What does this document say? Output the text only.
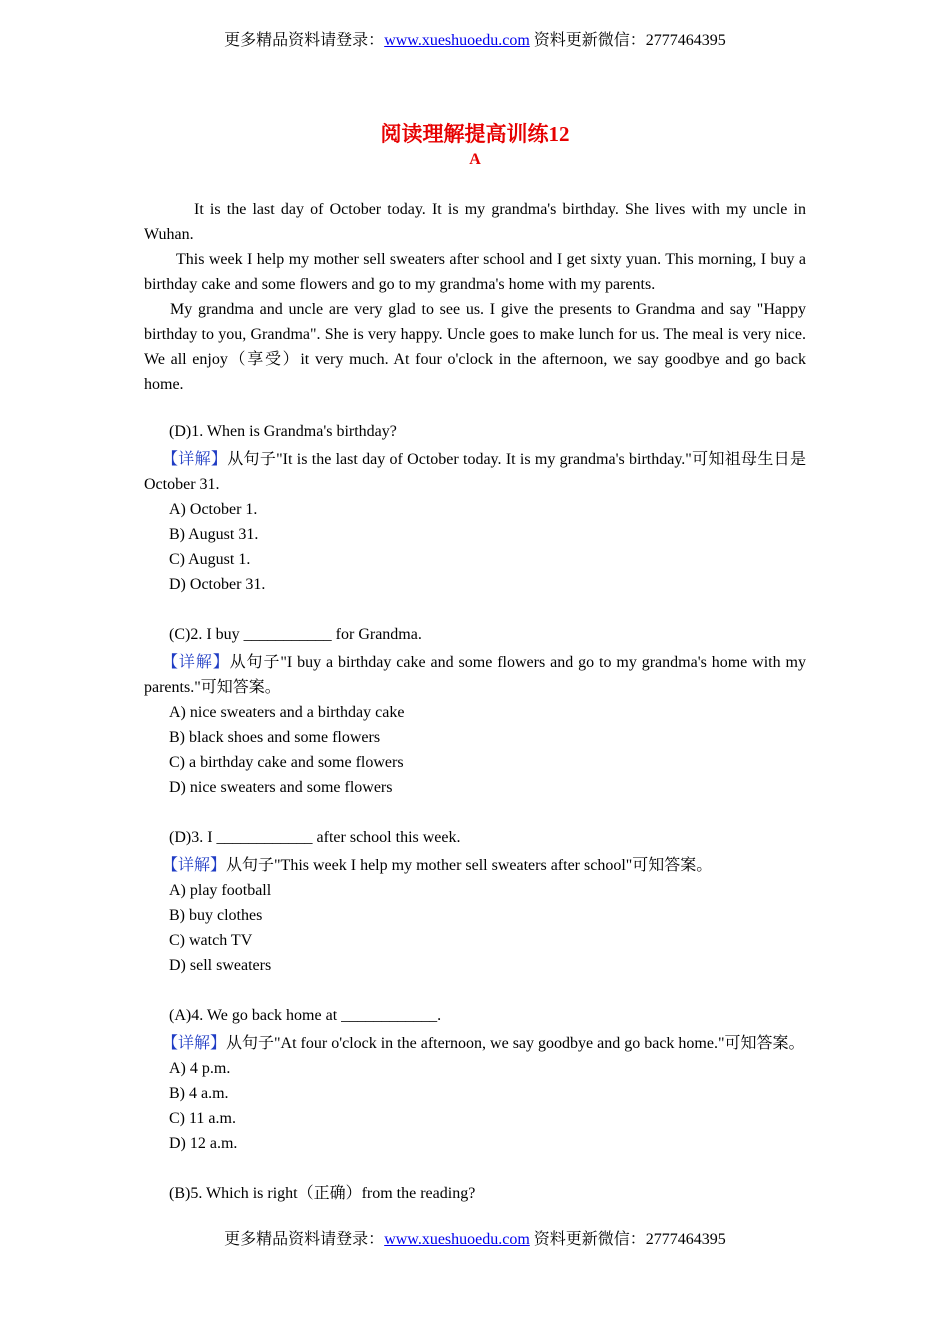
更多精品资料请登录：www.xueshuoedu.com 资料更新微信：2777464395
阅读理解提高训练12
A

It is the last day of October today. It is my grandma's birthday. She lives with my uncle in Wuhan.

This week I help my mother sell sweaters after school and I get sixty yuan. This morning, I buy a birthday cake and some flowers and go to my grandma's home with my parents.

My grandma and uncle are very glad to see us. I give the presents to Grandma and say "Happy birthday to you, Grandma". She is very happy. Uncle goes to make lunch for us. The meal is very nice. We all enjoy（享受）it very much. At four o'clock in the afternoon, we say goodbye and go back home.

(D)1. When is Grandma's birthday?

【详解】从句子"It is the last day of October today. It is my grandma's birthday."可知祖母生日是 October 31.

A) October 1.

B) August 31.

C) August 1.

D) October 31.

(C)2. I buy ___________ for Grandma.

【详解】从句子"I buy a birthday cake and some flowers and go to my grandma's home with my parents."可知答案。

A) nice sweaters and a birthday cake

B) black shoes and some flowers

C) a birthday cake and some flowers

D) nice sweaters and some flowers

(D)3. I ____________ after school this week.

【详解】从句子"This week I help my mother sell sweaters after school"可知答案。

A) play football

B) buy clothes

C) watch TV

D) sell sweaters

(A)4. We go back home at ____________.

【详解】从句子"At four o'clock in the afternoon, we say goodbye and go back home."可知答案。

A) 4 p.m.

B) 4 a.m.

C) 11 a.m.

D) 12 a.m.

(B)5. Which is right（正确）from the reading?

更多精品资料请登录：www.xueshuoedu.com 资料更新微信：2777464395
